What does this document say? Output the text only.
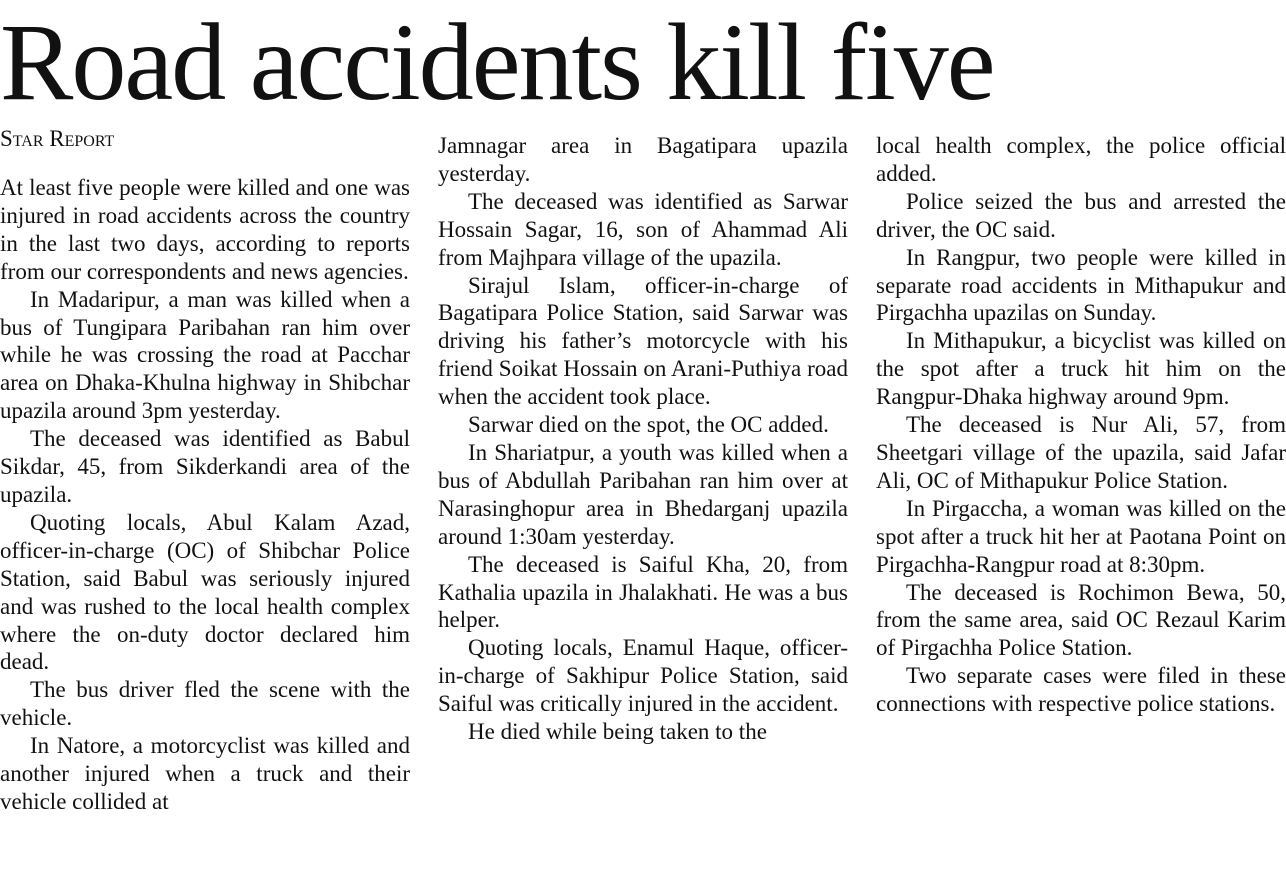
Road accidents kill five
Star Report

At least five people were killed and one was injured in road accidents across the country in the last two days, according to reports from our correspondents and news agencies.

In Madaripur, a man was killed when a bus of Tungipara Paribahan ran him over while he was crossing the road at Pacchar area on Dhaka-Khulna highway in Shibchar upazila around 3pm yesterday.

The deceased was identified as Babul Sikdar, 45, from Sikderkandi area of the upazila.

Quoting locals, Abul Kalam Azad, officer-in-charge (OC) of Shibchar Police Station, said Babul was seriously injured and was rushed to the local health complex where the on-duty doctor declared him dead.

The bus driver fled the scene with the vehicle.

In Natore, a motorcyclist was killed and another injured when a truck and their vehicle collided at

Jamnagar area in Bagatipara upazila yesterday.

The deceased was identified as Sarwar Hossain Sagar, 16, son of Ahammad Ali from Majhpara village of the upazila.

Sirajul Islam, officer-in-charge of Bagatipara Police Station, said Sarwar was driving his father’s motorcycle with his friend Soikat Hossain on Arani-Puthiya road when the accident took place.

Sarwar died on the spot, the OC added.

In Shariatpur, a youth was killed when a bus of Abdullah Paribahan ran him over at Narasinghopur area in Bhedarganj upazila around 1:30am yesterday.

The deceased is Saiful Kha, 20, from Kathalia upazila in Jhalakhati. He was a bus helper.

Quoting locals, Enamul Haque, officer-in-charge of Sakhipur Police Station, said Saiful was critically injured in the accident.

He died while being taken to the

local health complex, the police official added.

Police seized the bus and arrested the driver, the OC said.

In Rangpur, two people were killed in separate road accidents in Mithapukur and Pirgachha upazilas on Sunday.

In Mithapukur, a bicyclist was killed on the spot after a truck hit him on the Rangpur-Dhaka highway around 9pm.

The deceased is Nur Ali, 57, from Sheetgari village of the upazila, said Jafar Ali, OC of Mithapukur Police Station.

In Pirgaccha, a woman was killed on the spot after a truck hit her at Paotana Point on Pirgachha-Rangpur road at 8:30pm.

The deceased is Rochimon Bewa, 50, from the same area, said OC Rezaul Karim of Pirgachha Police Station.

Two separate cases were filed in these connections with respective police stations.
